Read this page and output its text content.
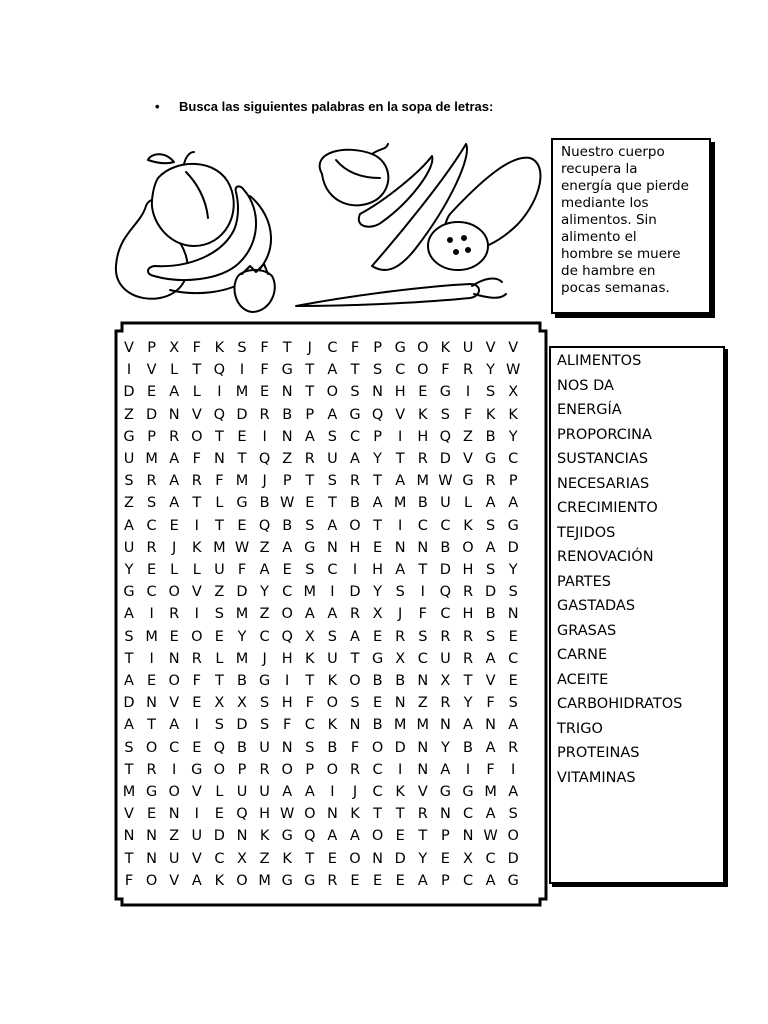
• Busca las siguientes palabras en la sopa de letras:
Nuestro cuerpo
recupera la
energía que pierde
mediante los
alimentos. Sin
alimento el
hombre se muere
de hambre en
pocas semanas.
V P X F K S F T	J	C F P G O K U V V
I	V L T Q	I	F G T A T S C O F R Y W
D E A L	I M E N T O S N H E G	I	S X
Z D N V Q D R B P A G Q V K S F K K
G P R O T E	I	N A S C P	I	H Q Z B Y
U M A F N T Q Z R U A Y T R D V G C
S R A R F M J	P T S R T A M W G R P
Z S A T L G B W E T B A M B U L A A
A C E	I	T E Q B S A O T	I	C C K S G
U R	J	K M W Z A G N H E N N B O A D
Y E L	L U F A E S C	I	H A T D H S Y
G C O V Z D Y C M I	D Y S	I	Q R D S
A	I	R	I	S M Z O A A R X	J	F C H B N
S M E O E Y C Q X S A E R S R R S E
T	I	N R L M J	H K U T G X C U R A C
A E O F T B G	I	T K O B B N X T V E
D N V E X X S H F O S E N Z R Y F S
A T A	I	S D S F C K N B M M N A N A
S O C E Q B U N S B F O D N Y B A R
T R	I	G O P R O P O R C	I	N A	I	F	I
M G O V L U U A A	I	J	C K V G G M A
V E N	I	E Q H W O N K T T R N C A S
N N Z U D N K G Q A A O E T P N W O
T N U V C X Z K T E O N D Y E X C D
F O V A K O M G G R E E E A P C A G
ALIMENTOS
NOS DA
ENERGÍA
PROPORCINA
SUSTANCIAS
NECESARIAS
CRECIMIENTO
TEJIDOS
RENOVACIÓN
PARTES
GASTADAS
GRASAS
CARNE
ACEITE
CARBOHIDRATOS
TRIGO
PROTEINAS
VITAMINAS
